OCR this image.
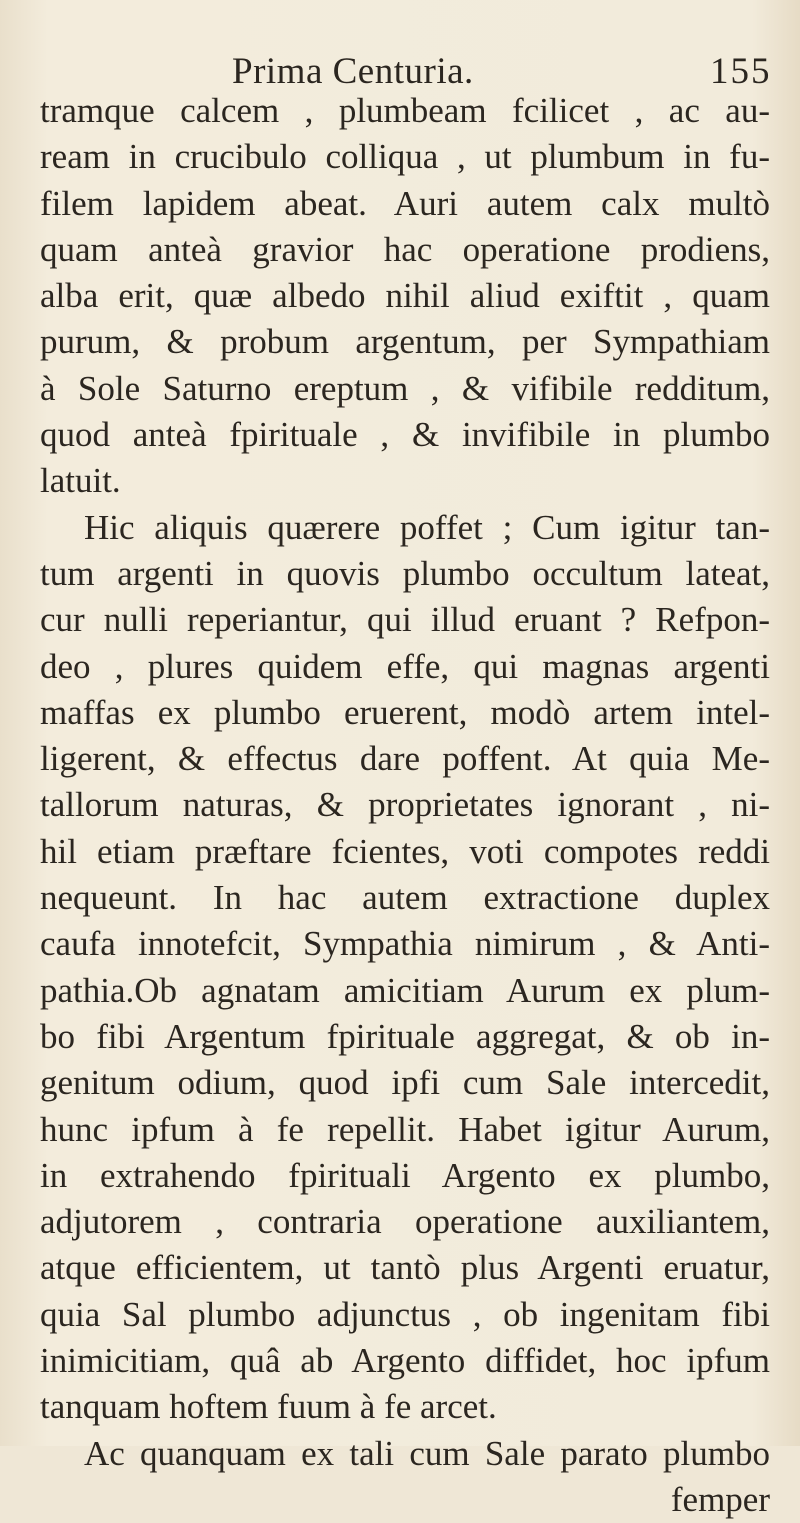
Prima Centuria.	155
tramque calcem , plumbeam fcilicet , ac au-
ream in crucibulo colliqua , ut plumbum in fu-
filem lapidem abeat. Auri autem calx multò
quam anteà gravior hac operatione prodiens,
alba erit, quæ albedo nihil aliud exiftit , quam
purum, & probum argentum, per Sympathiam
à Sole Saturno ereptum , & vifibile redditum,
quod anteà fpirituale , & invifibile in plumbo
latuit.
Hic aliquis quærere poffet ; Cum igitur tan-
tum argenti in quovis plumbo occultum lateat,
cur nulli reperiantur, qui illud eruant ? Refpon-
deo , plures quidem effe, qui magnas argenti
maffas ex plumbo eruerent, modò artem intel-
ligerent, & effectus dare poffent. At quia Me-
tallorum naturas, & proprietates ignorant , ni-
hil etiam præftare fcientes, voti compotes reddi
nequeunt. In hac autem extractione duplex
caufa innotefcit, Sympathia nimirum , & Anti-
pathia.Ob agnatam amicitiam Aurum ex plum-
bo fibi Argentum fpirituale aggregat, & ob in-
genitum odium, quod ipfi cum Sale intercedit,
hunc ipfum à fe repellit. Habet igitur Aurum,
in extrahendo fpirituali Argento ex plumbo,
adjutorem , contraria operatione auxiliantem,
atque efficientem, ut tantò plus Argenti eruatur,
quia Sal plumbo adjunctus , ob ingenitam fibi
inimicitiam, quâ ab Argento diffidet, hoc ipfum
tanquam hoftem fuum à fe arcet.
Ac quanquam ex tali cum Sale parato plumbo
femper
